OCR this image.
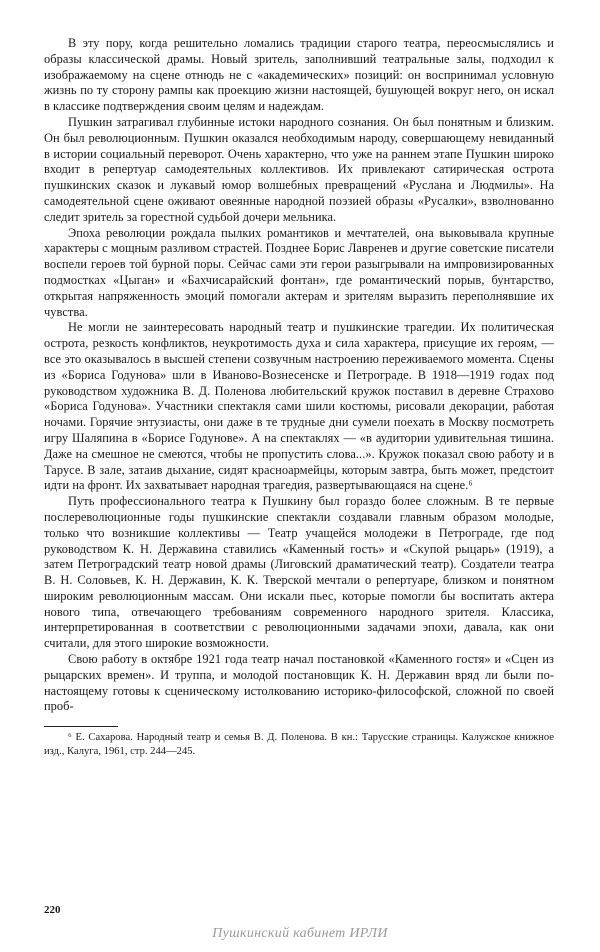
В эту пору, когда решительно ломались традиции старого театра, переосмыслялись и образы классической драмы. Новый зритель, заполнивший театральные залы, подходил к изображаемому на сцене отнюдь не с «академических» позиций: он воспринимал условную жизнь по ту сторону рампы как проекцию жизни настоящей, бушующей вокруг него, он искал в классике подтверждения своим целям и надеждам.

Пушкин затрагивал глубинные истоки народного сознания. Он был понятным и близким. Он был революционным. Пушкин оказался необходимым народу, совершающему невиданный в истории социальный переворот. Очень характерно, что уже на раннем этапе Пушкин широко входит в репертуар самодеятельных коллективов. Их привлекают сатирическая острота пушкинских сказок и лукавый юмор волшебных превращений «Руслана и Людмилы». На самодеятельной сцене оживают овеянные народной поэзией образы «Русалки», взволнованно следит зритель за горестной судьбой дочери мельника.

Эпоха революции рождала пылких романтиков и мечтателей, она выковывала крупные характеры с мощным разливом страстей. Позднее Борис Лавренев и другие советские писатели воспели героев той бурной поры. Сейчас сами эти герои разыгрывали на импровизированных подмостках «Цыган» и «Бахчисарайский фонтан», где романтический порыв, бунтарство, открытая напряженность эмоций помогали актерам и зрителям выразить переполнявшие их чувства.

Не могли не заинтересовать народный театр и пушкинские трагедии. Их политическая острота, резкость конфликтов, неукротимость духа и сила характера, присущие их героям, — все это оказывалось в высшей степени созвучным настроению переживаемого момента. Сцены из «Бориса Годунова» шли в Иваново-Вознесенске и Петрограде. В 1918—1919 годах под руководством художника В. Д. Поленова любительский кружок поставил в деревне Страхово «Бориса Годунова». Участники спектакля сами шили костюмы, рисовали декорации, работая ночами. Горячие энтузиасты, они даже в те трудные дни сумели поехать в Москву посмотреть игру Шаляпина в «Борисе Годунове». А на спектаклях — «в аудитории удивительная тишина. Даже на смешное не смеются, чтобы не пропустить слова...». Кружок показал свою работу и в Тарусе. В зале, затаив дыхание, сидят красноармейцы, которым завтра, быть может, предстоит идти на фронт. Их захватывает народная трагедия, развертывающаяся на сцене.⁶

Путь профессионального театра к Пушкину был гораздо более сложным. В те первые послереволюционные годы пушкинские спектакли создавали главным образом молодые, только что возникшие коллективы — Театр учащейся молодежи в Петрограде, где под руководством К. Н. Державина ставились «Каменный гость» и «Скупой рыцарь» (1919), а затем Петроградский театр новой драмы (Лиговский драматический театр). Создатели театра В. Н. Соловьев, К. Н. Державин, К. К. Тверской мечтали о репертуаре, близком и понятном широким революционным массам. Они искали пьес, которые помогли бы воспитать актера нового типа, отвечающего требованиям современного народного зрителя. Классика, интерпретированная в соответствии с революционными задачами эпохи, давала, как они считали, для этого широкие возможности.

Свою работу в октябре 1921 года театр начал постановкой «Каменного гостя» и «Сцен из рыцарских времен». И труппа, и молодой постановщик К. Н. Державин вряд ли были по-настоящему готовы к сценическому истолкованию историко-философской, сложной по своей проб-

⁶ Е. Сахарова. Народный театр и семья В. Д. Поленова. В кн.: Тарусские страницы. Калужское книжное изд., Калуга, 1961, стр. 244—245.

220
Пушкинский кабинет ИРЛИ
